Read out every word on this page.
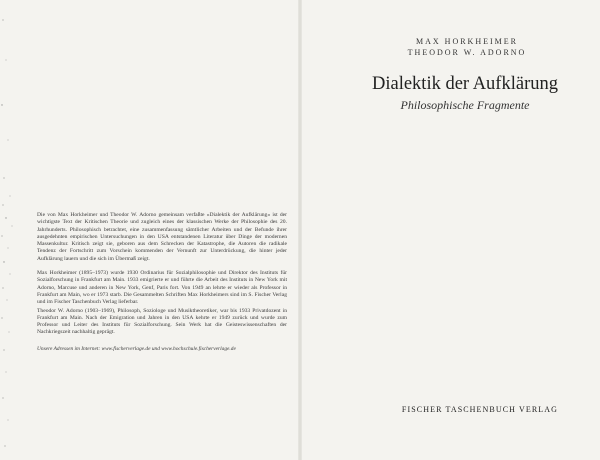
Die von Max Horkheimer und Theodor W. Adorno gemeinsam verfaßte »Dialektik der Aufklärung« ist der wichtigste Text der Kritischen Theorie und zugleich eines der klassischen Werke der Philosophie des 20. Jahrhunderts. Philosophisch betrachtet, eine zusammenfassung sämtlicher Arbeiten und der Befunde ihrer ausgedehnten empirischen Untersuchungen in den USA entstandenen Literatur über Dinge der modernen Massenkultur. Kritisch zeigt sie, geboren aus dem Schrecken der Katastrophe, die Autoren die radikale Tendenz der Fortschritt zum Vorschein kommenden der Vernunft zur Unterdrückung, die hinter jeder Aufklärung lauern und die sich im Übermaß zeigt.

Max Horkheimer (1895–1973) wurde 1930 Ordinarius für Sozialphilosophie und Direktor des Instituts für Sozialforschung in Frankfurt am Main. 1933 emigrierte er und führte die Arbeit des Instituts in New York mit Adorno, Marcuse und anderen in New York, Genf, Paris fort. Von 1949 an lehrte er wieder als Professor in Frankfurt am Main, wo er 1973 starb. Die Gesammelten Schriften Max Horkheimers sind im S. Fischer Verlag und im Fischer Taschenbuch Verlag lieferbar.

Theodor W. Adorno (1903–1969), Philosoph, Soziologe und Musiktheoretiker, war bis 1933 Privatdozent in Frankfurt am Main. Nach der Emigration und Jahren in den USA kehrte er 1949 zurück und wurde zum Professor und Leiter des Instituts für Sozialforschung. Sein Werk hat die Geisteswissenschaften der Nachkriegszeit nachhaltig geprägt.

Unsere Adressen im Internet: www.fischerverlage.de und www.hochschule.fischerverlage.de

MAX HORKHEIMER
THEODOR W. ADORNO
Dialektik der Aufklärung
Philosophische Fragmente
FISCHER TASCHENBUCH VERLAG
